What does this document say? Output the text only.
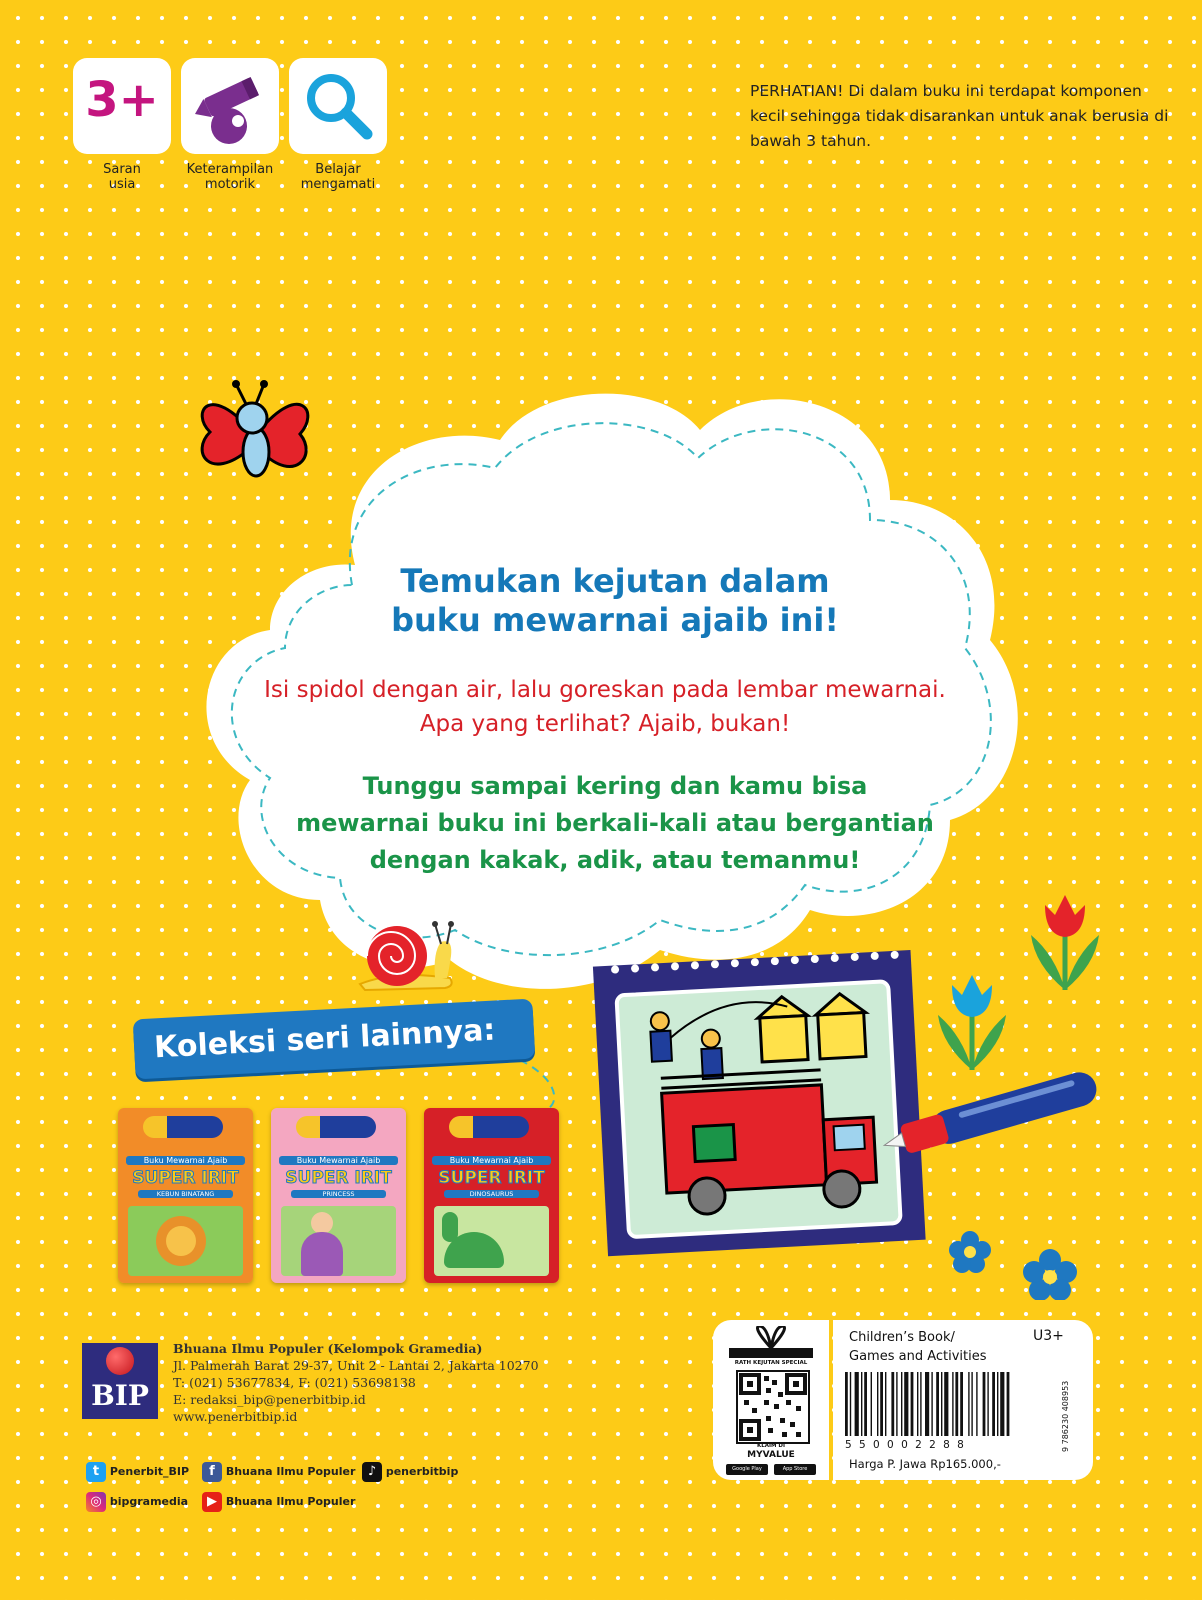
3+
Saran
usia
Keterampilan
motorik
Belajar
mengamati
PERHATIAN! Di dalam buku ini terdapat komponen kecil sehingga tidak disarankan untuk anak berusia di bawah 3 tahun.
Temukan kejutan dalam
buku mewarnai ajaib ini!
Isi spidol dengan air, lalu goreskan pada lembar mewarnai.
Apa yang terlihat? Ajaib, bukan!
Tunggu sampai kering dan kamu bisa
mewarnai buku ini berkali-kali atau bergantian
dengan kakak, adik, atau temanmu!
Koleksi seri lainnya:
Buku Mewarnai Ajaib
SUPER IRIT
KEBUN BINATANG
Buku Mewarnai Ajaib
SUPER IRIT
PRINCESS
Buku Mewarnai Ajaib
SUPER IRIT
DINOSAURUS
BIP
Bhuana Ilmu Populer (Kelompok Gramedia)
Jl. Palmerah Barat 29-37, Unit 2 - Lantai 2, Jakarta 10270
T: (021) 53677834, F: (021) 53698138
E: redaksi_bip@penerbitbip.id
www.penerbitbip.id
t Penerbit_BIP	f Bhuana Ilmu Populer ♪ penerbitbip
◎ bipgramedia	▶ Bhuana Ilmu Populer
RATH KEJUTAN SPECIAL
KLAIM DI
MYVALUE
Google Play	App Store
Children’s Book/
Games and Activities
U3+
5 5 0 0 0 2 2 8 8	9 786230 408953
Harga P. Jawa Rp165.000,-
